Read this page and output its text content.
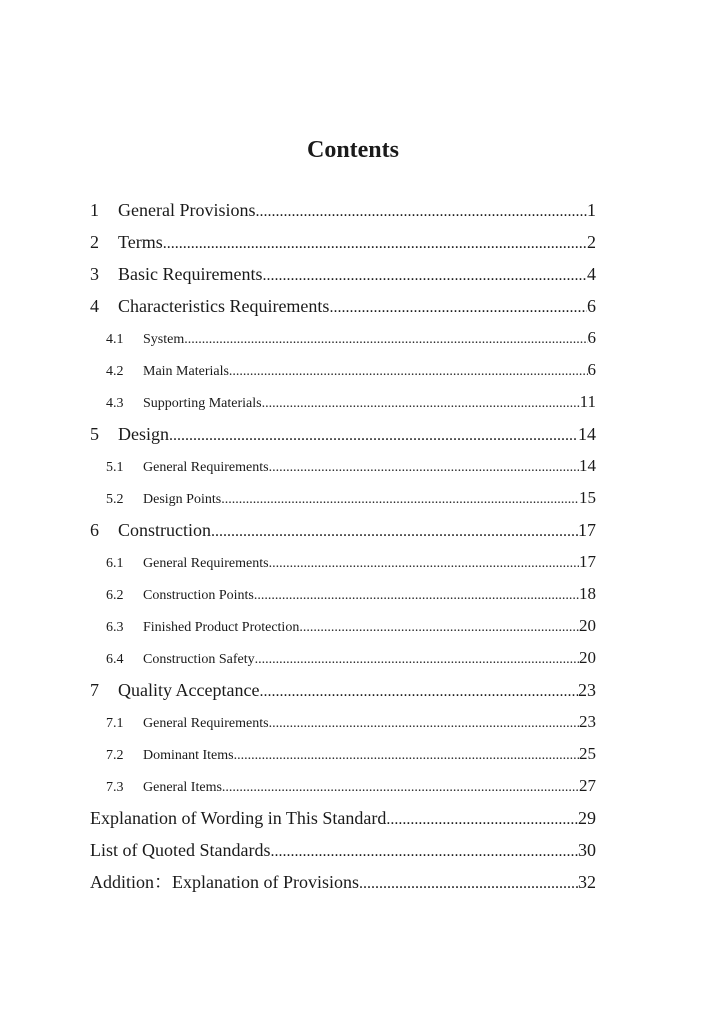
Contents
1	General Provisions .....	1
2	Terms .....	2
3	Basic Requirements .....	4
4	Characteristics Requirements .....	6
4.1	System .....	6
4.2	Main Materials .....	6
4.3	Supporting Materials .....	11
5	Design .....	14
5.1	General Requirements .....	14
5.2	Design Points .....	15
6	Construction .....	17
6.1	General Requirements .....	17
6.2	Construction Points .....	18
6.3	Finished Product Protection .....	20
6.4	Construction Safety .....	20
7	Quality Acceptance .....	23
7.1	General Requirements .....	23
7.2	Dominant Items .....	25
7.3	General Items .....	27
Explanation of Wording in This Standard .....	29
List of Quoted Standards .....	30
Addition：Explanation of Provisions .....	32
